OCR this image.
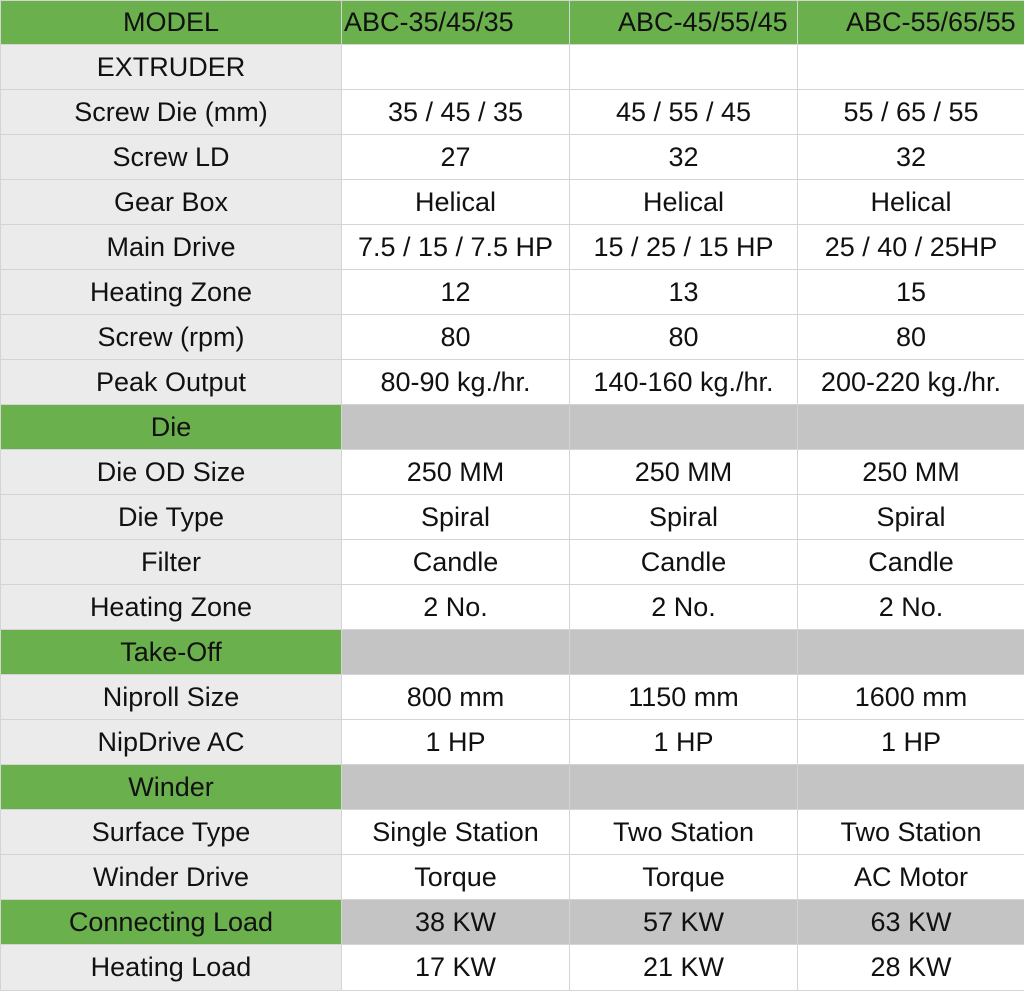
MODEL	ABC-35/45/35	ABC-45/55/45	ABC-55/65/55
EXTRUDER			
Screw Die (mm)	35 / 45 / 35	45 / 55 / 45	55 / 65 / 55
Screw LD	27	32	32
Gear Box	Helical	Helical	Helical
Main Drive	7.5 / 15 / 7.5 HP	15 / 25 / 15 HP	25 / 40 / 25HP
Heating Zone	12	13	15
Screw (rpm)	80	80	80
Peak Output	80-90 kg./hr.	140-160 kg./hr.	200-220 kg./hr.
Die			
Die OD Size	250 MM	250 MM	250 MM
Die Type	Spiral	Spiral	Spiral
Filter	Candle	Candle	Candle
Heating Zone	2 No.	2 No.	2 No.
Take-Off			
Niproll Size	800 mm	1150 mm	1600 mm
NipDrive AC	1 HP	1 HP	1 HP
Winder			
Surface Type	Single Station	Two Station	Two Station
Winder Drive	Torque	Torque	AC Motor
Connecting Load	38 KW	57 KW	63 KW
Heating Load	17 KW	21 KW	28 KW
